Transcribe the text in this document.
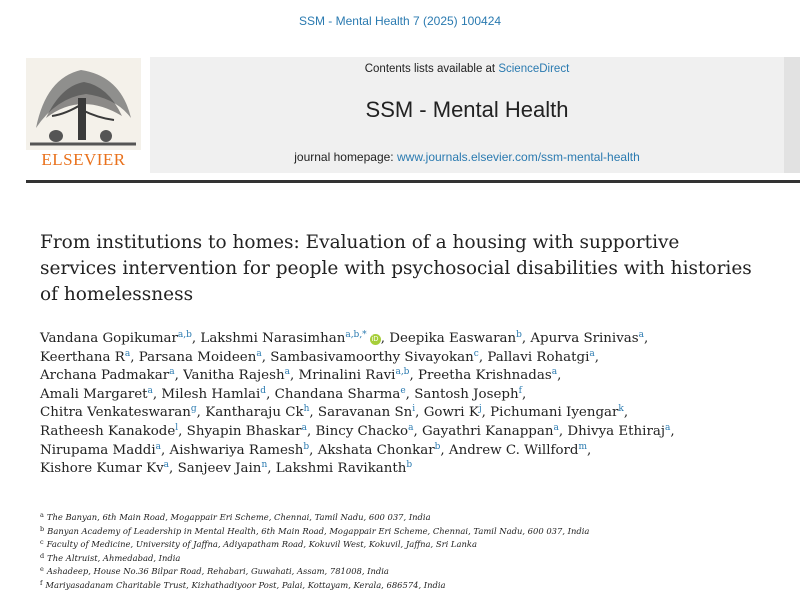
SSM - Mental Health 7 (2025) 100424
ELSEVIER
Contents lists available at ScienceDirect
SSM - Mental Health
journal homepage: www.journals.elsevier.com/ssm-mental-health
From institutions to homes: Evaluation of a housing with supportive
services intervention for people with psychosocial disabilities with histories
of homelessness
Vandana Gopikumar$^{a,b}$, Lakshmi Narasimhan$^{a,b,*}$ iD , Deepika Easwaran$^b$, Apurva Srinivas$^a$,
Keerthana $R^a$, Parsana Moideen$^a$, Sambasivamoorthy Sivayokan$^c$, Pallavi Rohatgi$^a$,
Archana Padmakar$^a$, Vanitha Rajesh$^a$, Mrinalini Ravi$^{a,b}$, Preetha Krishnadas$^a$,
Amali Margaret$^a$, Milesh Hamlai$^d$, Chandana Sharma$^e$, Santosh Joseph$^f$,
Chitra Venkateswaran$^g$, Kantharaju Ck$^h$, Saravanan Sn$^i$, Gowri $K^j$, Pichumani Iyengar$^k$,
Ratheesh Kanakode$^l$, Shyapin Bhaskar$^a$, Bincy Chacko$^a$, Gayathri Kanappan$^a$, Dhivya Ethiraj$^a$,
Nirupama Maddi$^a$, Aishwariya Ramesh$^b$, Akshata Chonkar$^b$, Andrew C. Willford$^m$,
Kishore Kumar Kv$^a$, Sanjeev Jain$^n$, Lakshmi Ravikanth$^b$
$^a$ The Banyan, 6th Main Road, Mogappair Eri Scheme, Chennai, Tamil Nadu, 600 037, India
$^b$ Banyan Academy of Leadership in Mental Health, 6th Main Road, Mogappair Eri Scheme, Chennai, Tamil Nadu, 600 037, India
$^c$ Faculty of Medicine, University of Jaffna, Adiyapatham Road, Kokuvil West, Kokuvil, Jaffna, Sri Lanka
$^d$ The Altruist, Ahmedabad, India
$^e$ Ashadeep, House No.36 Bilpar Road, Rehabari, Guwahati, Assam, 781008, India
$^f$ Mariyasadanam Charitable Trust, Kizhathadiyoor Post, Palai, Kottayam, Kerala, 686574, India
